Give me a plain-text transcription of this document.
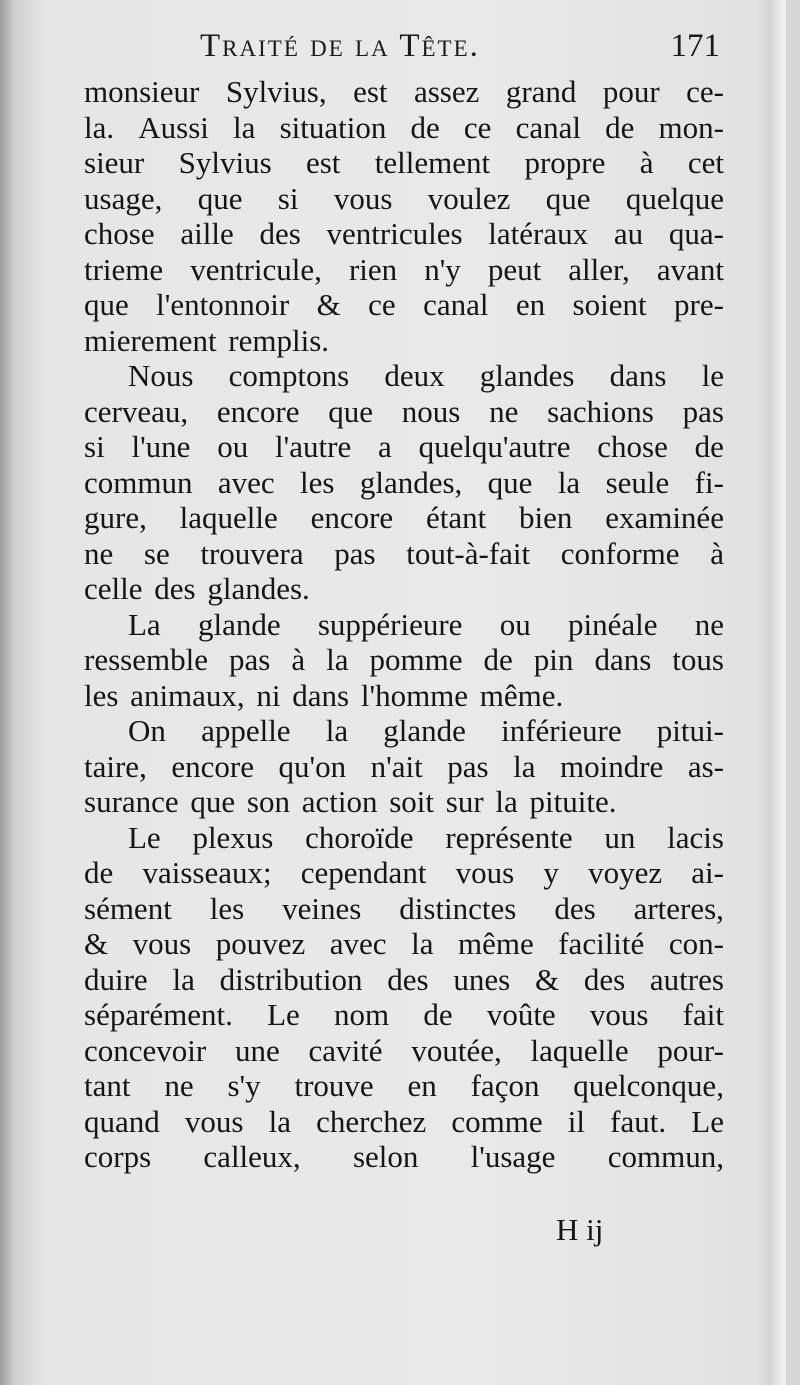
Traité de la Tête.	171
monsieur Sylvius, est assez grand pour ce-
la. Aussi la situation de ce canal de mon-
sieur Sylvius est tellement propre à cet
usage, que si vous voulez que quelque
chose aille des ventricules latéraux au qua-
trieme ventricule, rien n'y peut aller, avant
que l'entonnoir & ce canal en soient pre-
mierement remplis.
Nous comptons deux glandes dans le
cerveau, encore que nous ne sachions pas
si l'une ou l'autre a quelqu'autre chose de
commun avec les glandes, que la seule fi-
gure, laquelle encore étant bien examinée
ne se trouvera pas tout-à-fait conforme à
celle des glandes.
La glande suppérieure ou pinéale ne
ressemble pas à la pomme de pin dans tous
les animaux, ni dans l'homme même.
On appelle la glande inférieure pitui-
taire, encore qu'on n'ait pas la moindre as-
surance que son action soit sur la pituite.
Le plexus choroïde représente un lacis
de vaisseaux; cependant vous y voyez ai-
sément les veines distinctes des arteres,
& vous pouvez avec la même facilité con-
duire la distribution des unes & des autres
séparément. Le nom de voûte vous fait
concevoir une cavité voutée, laquelle pour-
tant ne s'y trouve en façon quelconque,
quand vous la cherchez comme il faut. Le
corps calleux, selon l'usage commun,
H ij
